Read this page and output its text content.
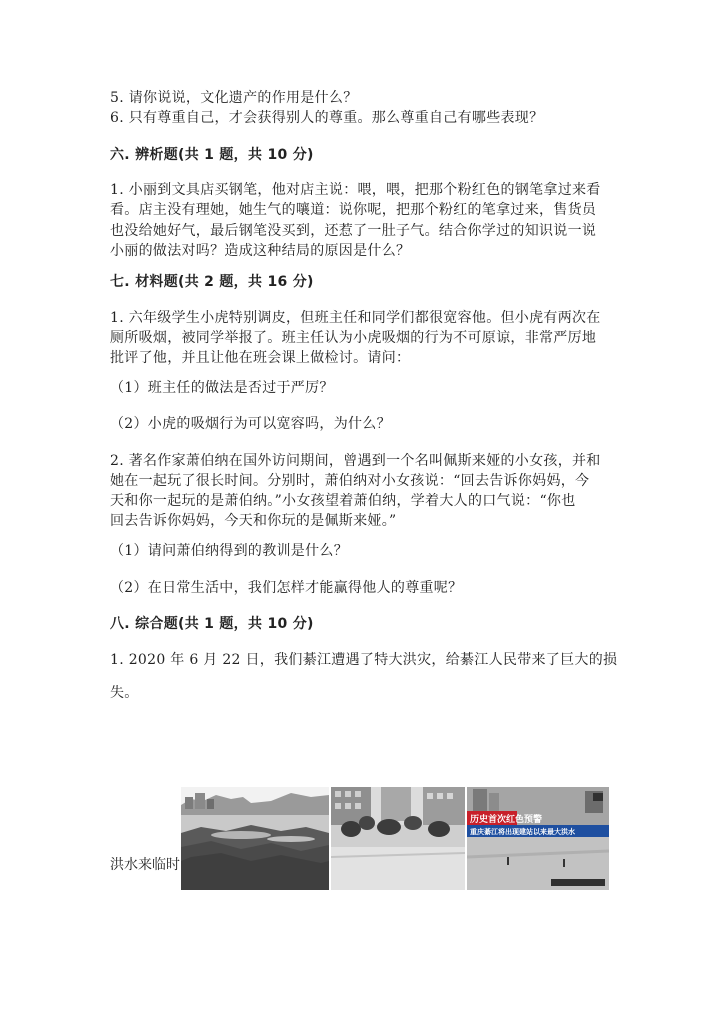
5. 请你说说，文化遗产的作用是什么？
6. 只有尊重自己，才会获得别人的尊重。那么尊重自己有哪些表现？
六. 辨析题(共 1 题，共 10 分)
1. 小丽到文具店买钢笔，他对店主说：喂，喂，把那个粉红色的钢笔拿过来看
看。店主没有理她，她生气的嚷道：说你呢，把那个粉红的笔拿过来，售货员
也没给她好气，最后钢笔没买到，还惹了一肚子气。结合你学过的知识说一说
小丽的做法对吗？造成这种结局的原因是什么？
七. 材料题(共 2 题，共 16 分)
1. 六年级学生小虎特别调皮，但班主任和同学们都很宽容他。但小虎有两次在
厕所吸烟，被同学举报了。班主任认为小虎吸烟的行为不可原谅，非常严厉地
批评了他，并且让他在班会课上做检讨。请问：
（1）班主任的做法是否过于严厉？
（2）小虎的吸烟行为可以宽容吗，为什么？
2. 著名作家萧伯纳在国外访问期间，曾遇到一个名叫佩斯来娅的小女孩，并和
她在一起玩了很长时间。分别时，萧伯纳对小女孩说：“回去告诉你妈妈，今
天和你一起玩的是萧伯纳。”小女孩望着萧伯纳，学着大人的口气说：“你也
回去告诉你妈妈，今天和你玩的是佩斯来娅。”
（1）请问萧伯纳得到的教训是什么？
（2）在日常生活中，我们怎样才能赢得他人的尊重呢？
八. 综合题(共 1 题，共 10 分)
1. 2020 年 6 月 22 日，我们綦江遭遇了特大洪灾，给綦江人民带来了巨大的损
失。
洪水来临时
历史首次红色预警
重庆綦江将出现建站以来最大洪水
